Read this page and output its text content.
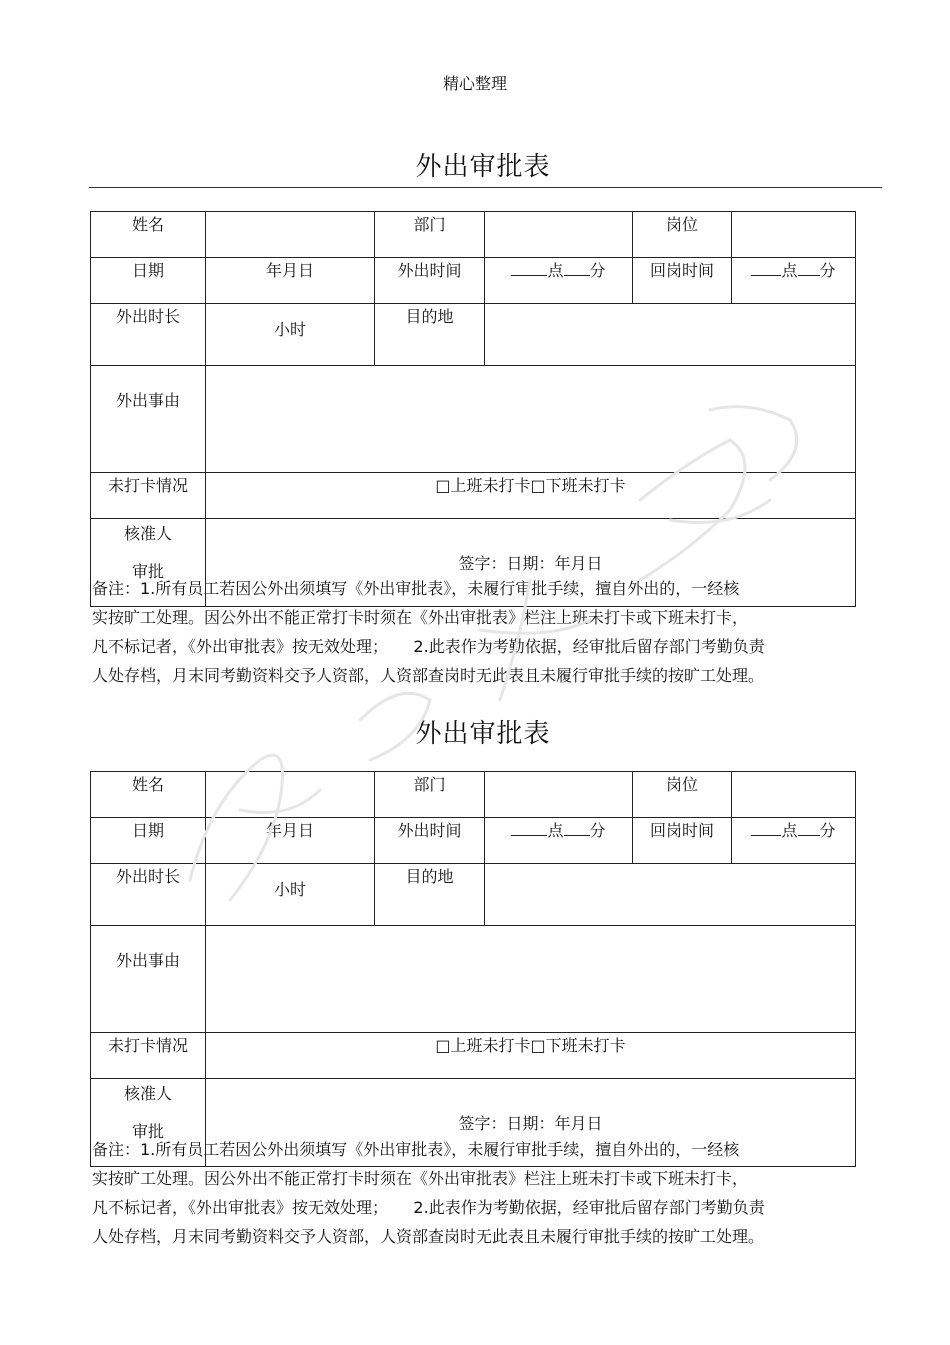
精心整理
外出审批表
姓名		部门		岗位	
日期	年月日	外出时间	点 分	回岗时间	点 分
外出时长	小时	目的地			
外出事由					
未打卡情况	□上班未打卡□下班未打卡				

核准人
审批	签字：日期：年月日				
备注：1.所有员工若因公外出须填写《外出审批表》，未履行审批手续，擅自外出的，一经核
实按旷工处理。因公外出不能正常打卡时须在《外出审批表》栏注上班未打卡或下班未打卡，
凡不标记者，《外出审批表》按无效处理；     2.此表作为考勤依据，经审批后留存部门考勤负责
人处存档，月末同考勤资料交予人资部，人资部查岗时无此表且未履行审批手续的按旷工处理。
外出审批表
姓名		部门		岗位	
日期	年月日	外出时间	点 分	回岗时间	点 分
外出时长	小时	目的地			
外出事由					
未打卡情况	□上班未打卡□下班未打卡				

核准人
审批	签字：日期：年月日				
备注：1.所有员工若因公外出须填写《外出审批表》，未履行审批手续，擅自外出的，一经核
实按旷工处理。因公外出不能正常打卡时须在《外出审批表》栏注上班未打卡或下班未打卡，
凡不标记者，《外出审批表》按无效处理；     2.此表作为考勤依据，经审批后留存部门考勤负责
人处存档，月末同考勤资料交予人资部，人资部查岗时无此表且未履行审批手续的按旷工处理。
